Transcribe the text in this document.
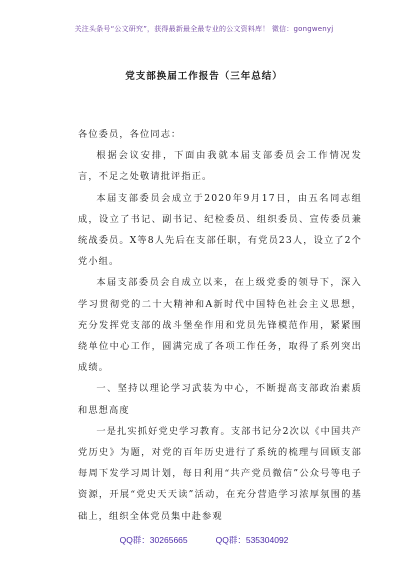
关注头条号“公文研究”，获得最新最全最专业的公文资料库！ 微信：gongwenyj
党支部换届工作报告（三年总结）

各位委员，各位同志：

根据会议安排，下面由我就本届支部委员会工作情况发言，不足之处敬请批评指正。

本届支部委员会成立于2020年9月17日，由五名同志组成，设立了书记、副书记、纪检委员、组织委员、宣传委员兼统战委员。X等8人先后在支部任职，有党员23人，设立了2个党小组。

本届支部委员会自成立以来，在上级党委的领导下，深入学习贯彻党的二十大精神和A新时代中国特色社会主义思想，充分发挥党支部的战斗堡垒作用和党员先锋模范作用，紧紧围绕单位中心工作，圆满完成了各项工作任务，取得了系列突出成绩。

一、坚持以理论学习武装为中心，不断提高支部政治素质和思想高度

一是扎实抓好党史学习教育。支部书记分2次以《中国共产党历史》为题，对党的百年历史进行了系统的梳理与回顾支部每周下发学习周计划，每日利用“共产党员微信”公众号等电子资源，开展“党史天天读”活动，在充分营造学习浓厚氛围的基础上，组织全体党员集中赴参观

QQ群：30265665	QQ群：535304092
